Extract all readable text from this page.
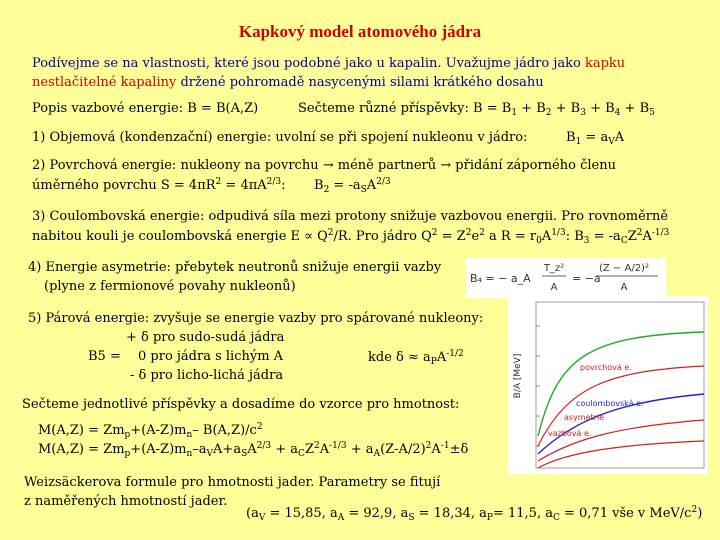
Kapkový model atomového jádra
Podívejme se na vlastnosti, které jsou podobné jako u kapalin. Uvažujme jádro jako kapku
nestlačitelné kapaliny držené pohromadě nasycenými silami krátkého dosahu
Popis vazbové energie: B = B(A,Z)	Sečteme různé příspěvky: $B = B_1 + B_2 + B_3 + B_4 + B_5$
1) Objemová (kondenzační) energie: uvolní se při spojení nukleonu v jádro:	$B_1 = a_VA$
2) Povrchová energie: nukleony na povrchu → méně partnerů → přidání záporného členu
úměrného povrchu $S = 4\pi R^2 = 4\pi A^{2/3}$: $B_2 = -a_SA^{2/3}$
3) Coulombovská energie: odpudivá síla mezi protony snižuje vazbovou energii. Pro rovnoměrně
nabitou kouli je coulombovská energie $E \propto Q^2/R$. Pro jádro $Q^2 = Z^2e^2$ a $R = r_0A^{1/3}$: $B_3 = -a_CZ^2A^{-1/3}$
4) Energie asymetrie: přebytek neutronů snižuje energii vazby
(plyne z fermionové povahy nukleonů)
B₄ = − a_A
T_z²
A
= −a
(Z − A/2)²
A
5) Párová energie: zvyšuje se energie vazby pro spárované nukleony:
+ δ pro sudo-sudá jádra
B5 = 0 pro jádra s lichým A
- δ pro licho-lichá jádra
kde $\delta \approx a_PA^{-1/2}$
Sečteme jednotlivé příspěvky a dosadíme do vzorce pro hmotnost:
$M(A,Z) = Zm_p+(A-Z)m_n-$ $B(A,Z)/c^2$
$M(A,Z) = Zm_p+(A-Z)m_n-a_VA+a_SA^{2/3} + a_CZ^2A^{-1/3} + a_A(Z-A/2)^2A^{-1}\pm\delta$
Weizsäckerova formule pro hmotnosti jader. Parametry se fitují
z naměřených hmotností jader.
($a_V = 15,85$, $a_A = 92,9$, $a_S = 18,34$, $a_P= 11,5$, $a_C = 0,71$ vše v MeV/$c^2$)
B/A [MeV]	povrchová e.
coulombovská e.
asymetrie
vazbová e.
